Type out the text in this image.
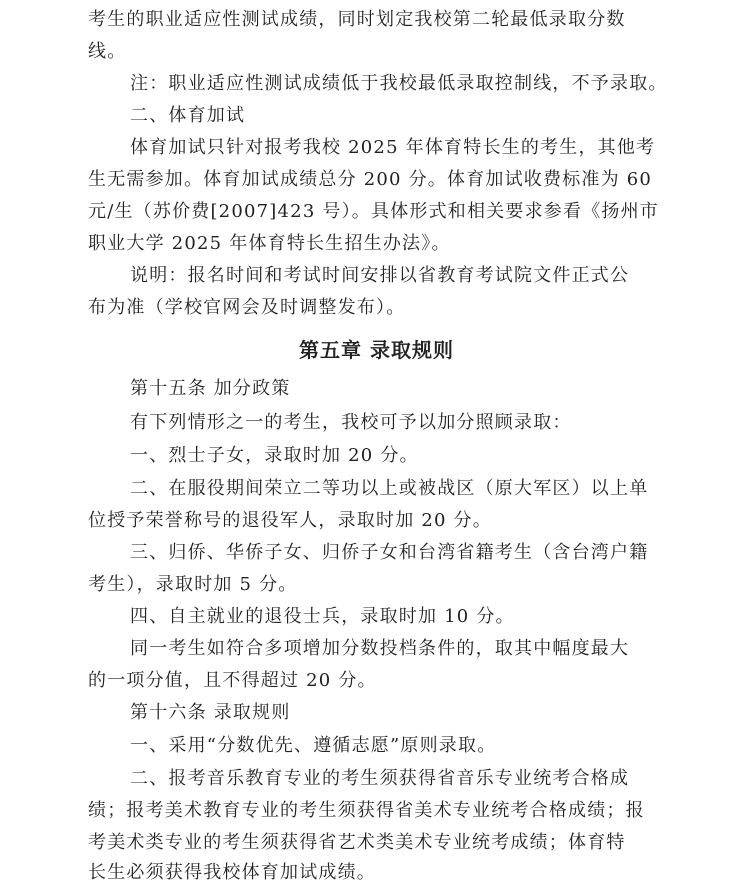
考生的职业适应性测试成绩，同时划定我校第二轮最低录取分数
线。
注：职业适应性测试成绩低于我校最低录取控制线，不予录取。
二、体育加试
体育加试只针对报考我校 2025 年体育特长生的考生，其他考
生无需参加。体育加试成绩总分 200 分。体育加试收费标准为 60
元/生（苏价费[2007]423 号）。具体形式和相关要求参看《扬州市
职业大学 2025 年体育特长生招生办法》。
说明：报名时间和考试时间安排以省教育考试院文件正式公
布为准（学校官网会及时调整发布）。
第五章 录取规则
第十五条 加分政策
有下列情形之一的考生，我校可予以加分照顾录取：
一、烈士子女，录取时加 20 分。
二、在服役期间荣立二等功以上或被战区（原大军区）以上单
位授予荣誉称号的退役军人，录取时加 20 分。
三、归侨、华侨子女、归侨子女和台湾省籍考生（含台湾户籍
考生），录取时加 5 分。
四、自主就业的退役士兵，录取时加 10 分。
同一考生如符合多项增加分数投档条件的，取其中幅度最大
的一项分值，且不得超过 20 分。
第十六条 录取规则
一、采用“分数优先、遵循志愿”原则录取。
二、报考音乐教育专业的考生须获得省音乐专业统考合格成
绩；报考美术教育专业的考生须获得省美术专业统考合格成绩；报
考美术类专业的考生须获得省艺术类美术专业统考成绩；体育特
长生必须获得我校体育加试成绩。
